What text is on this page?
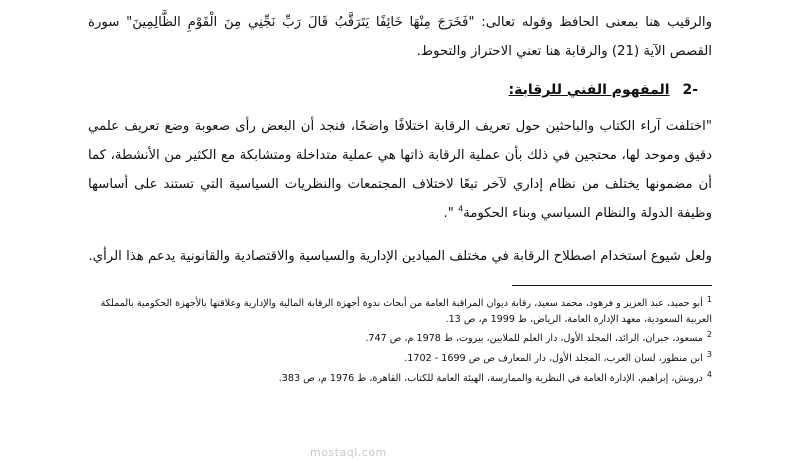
والرقيب هنا بمعنى الحافظ وقوله تعالى: "فَخَرَجَ مِنْهَا خَائِفًا يَتَرَقَّبُ قَالَ رَبِّ نَجِّنِي مِنَ الْقَوْمِ الظَّالِمِينَ" سورة القصص الآية (21) والرقابة هنا تعني الاحتراز والتحوط.

-2 المفهوم الفني للرقابة:

"اختلفت آراء الكتاب والباحثين حول تعريف الرقابة اختلافًا واضحًا، فنجد أن البعض رأى صعوبة وضع تعريف علمي دقيق وموحد لها، محتجين في ذلك بأن عملية الرقابة ذاتها هي عملية متداخلة ومتشابكة مع الكثير من الأنشطة، كما أن مضمونها يختلف من نظام إداري لآخر تبعًا لاختلاف المجتمعات والنظريات السياسية التي تستند على أساسها وظيفة الدولة والنظام السياسي وبناء الحكومة$^4$ ".

ولعل شيوع استخدام اصطلاح الرقابة في مختلف الميادين الإدارية والسياسية والاقتصادية والقانونية يدعم هذا الرأي.

$^1$أبو حميد، عبد العزيز و فرهود، محمد سعيد، رقابة ديوان المراقبة العامة من أبحاث ندوة أجهزة الرقابة المالية والإدارية وعلاقتها بالأجهزة الحكومية بالمملكة العربية السعودية، معهد الإدارة العامة، الرياض، ط 1999 م، ص 13.

$^2$مسعود، جبران، الرائد، المجلد الأول، دار العلم للملايين، بيروت، ط 1978 م، ص 747.

$^3$ابن منظور، لسان العرب، المجلد الأول، دار المعارف ص ص 1699 - 1702.

$^4$دروبش، إبراهيم، الإدارة العامة في النظرية والممارسة، الهيئة العامة للكتاب، القاهرة، ط 1976 م، ص 383.

mostaql.com
